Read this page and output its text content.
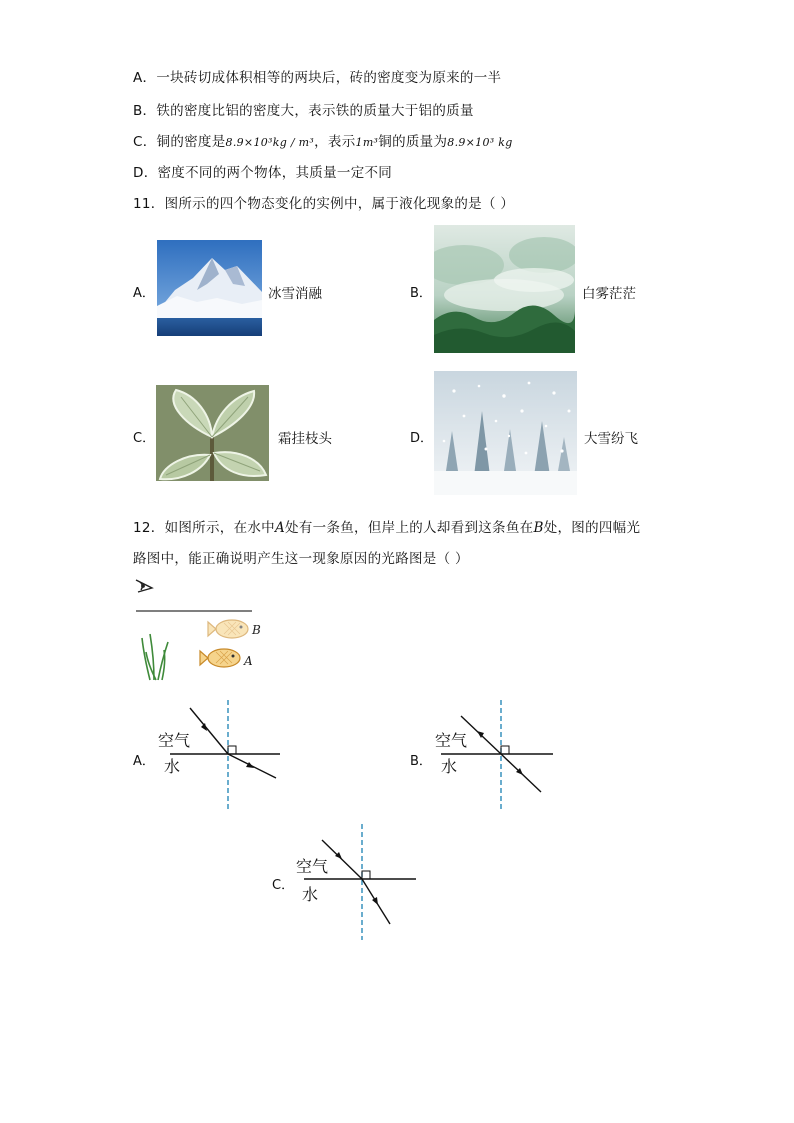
A．一块砖切成体积相等的两块后，砖的密度变为原来的一半
B．铁的密度比铝的密度大，表示铁的质量大于铝的质量
C．铜的密度是8.9×10³kg / m³，表示1m³铜的质量为8.9×10³ kg
D．密度不同的两个物体，其质量一定不同
11．图所示的四个物态变化的实例中，属于液化现象的是（ ）
A．	冰雪消融	B．	白雾茫茫
C．	霜挂枝头	D．	大雪纷飞
12．如图所示，在水中A处有一条鱼，但岸上的人却看到这条鱼在B处，图的四幅光
路图中，能正确说明产生这一现象原因的光路图是（ ）
B
A
A．
空气
水	B．
空气
水
C．
空气
水
